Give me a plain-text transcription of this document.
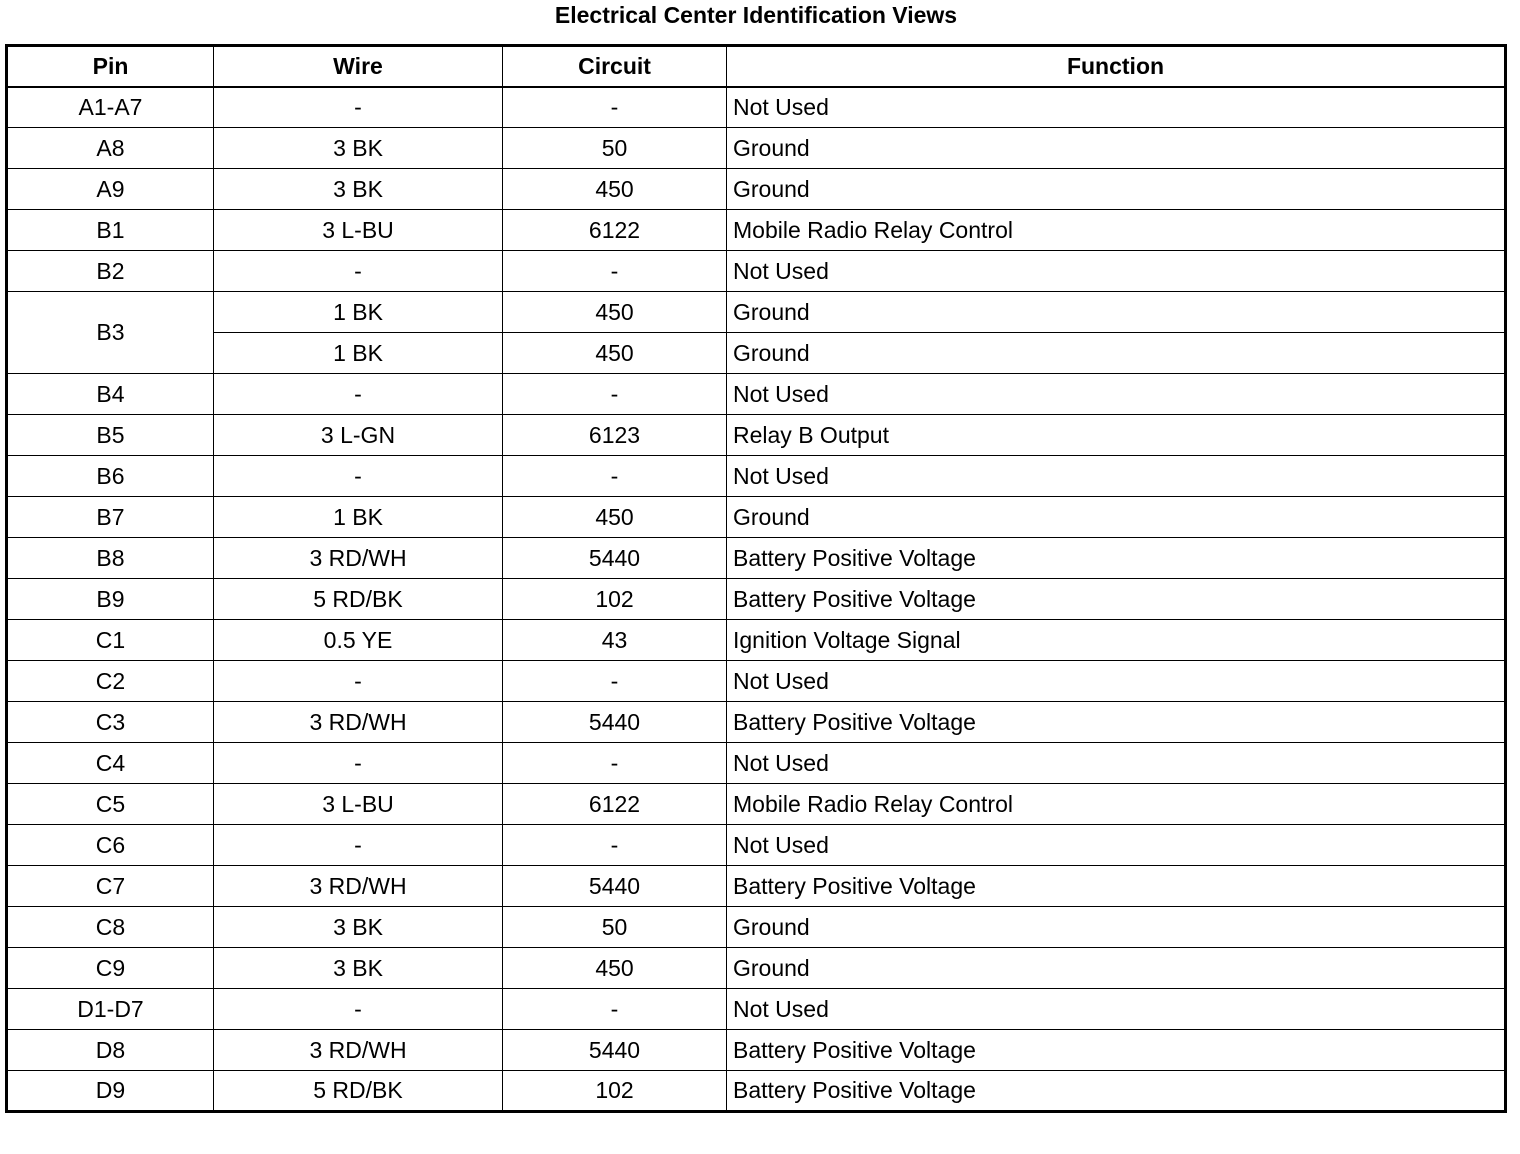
Electrical Center Identification Views
Pin	Wire	Circuit	Function
A1-A7	-	-	Not Used
A8	3 BK	50	Ground
A9	3 BK	450	Ground
B1	3 L-BU	6122	Mobile Radio Relay Control
B2	-	-	Not Used
B3	1 BK	450	Ground
	1 BK	450	Ground
B4	-	-	Not Used
B5	3 L-GN	6123	Relay B Output
B6	-	-	Not Used
B7	1 BK	450	Ground
B8	3 RD/WH	5440	Battery Positive Voltage
B9	5 RD/BK	102	Battery Positive Voltage
C1	0.5 YE	43	Ignition Voltage Signal
C2	-	-	Not Used
C3	3 RD/WH	5440	Battery Positive Voltage
C4	-	-	Not Used
C5	3 L-BU	6122	Mobile Radio Relay Control
C6	-	-	Not Used
C7	3 RD/WH	5440	Battery Positive Voltage
C8	3 BK	50	Ground
C9	3 BK	450	Ground
D1-D7	-	-	Not Used
D8	3 RD/WH	5440	Battery Positive Voltage
D9	5 RD/BK	102	Battery Positive Voltage
